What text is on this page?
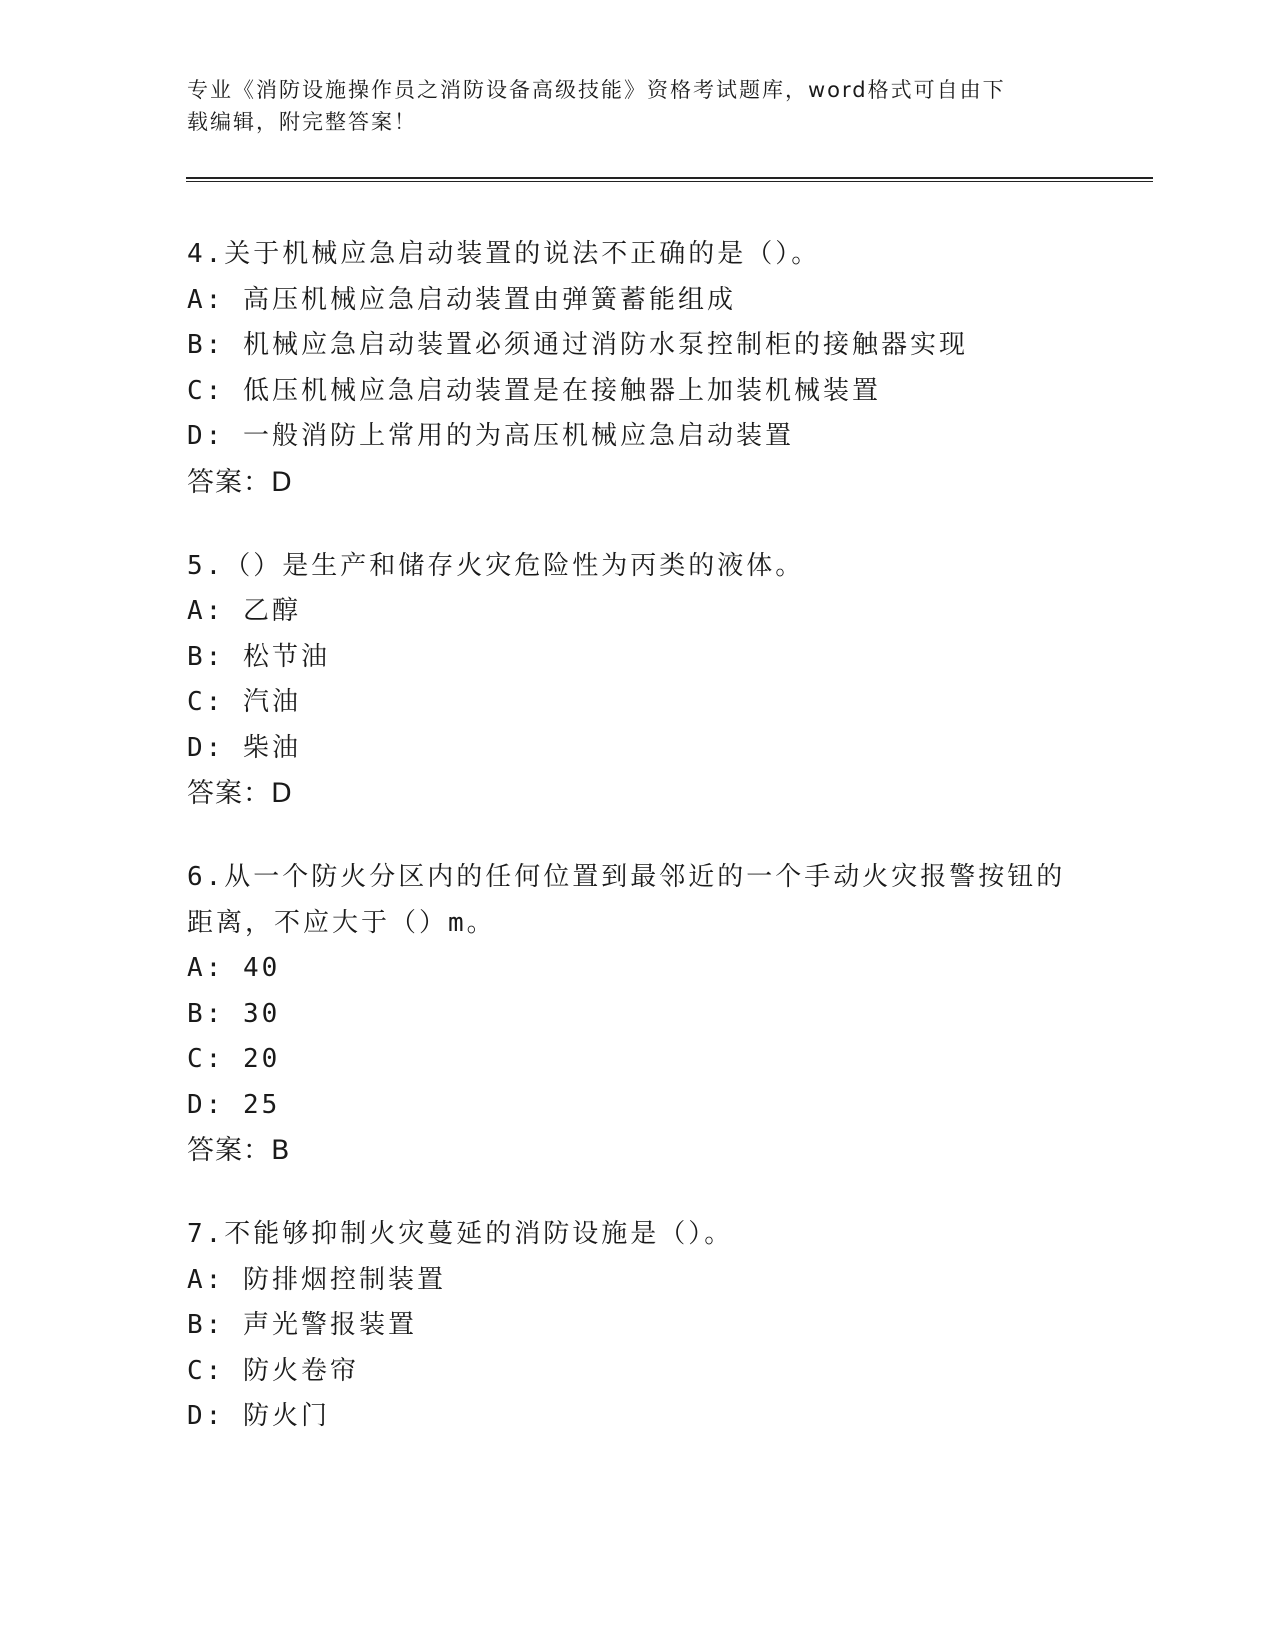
专业《消防设施操作员之消防设备高级技能》资格考试题库，word格式可自由下
载编辑，附完整答案！
4.关于机械应急启动装置的说法不正确的是（）。
A: 高压机械应急启动装置由弹簧蓄能组成
B: 机械应急启动装置必须通过消防水泵控制柜的接触器实现
C: 低压机械应急启动装置是在接触器上加装机械装置
D: 一般消防上常用的为高压机械应急启动装置
答案：D
5.（）是生产和储存火灾危险性为丙类的液体。
A: 乙醇
B: 松节油
C: 汽油
D: 柴油
答案：D
6.从一个防火分区内的任何位置到最邻近的一个手动火灾报警按钮的
距离，不应大于（）m。
A: 40
B: 30
C: 20
D: 25
答案：B
7.不能够抑制火灾蔓延的消防设施是（）。
A: 防排烟控制装置
B: 声光警报装置
C: 防火卷帘
D: 防火门
